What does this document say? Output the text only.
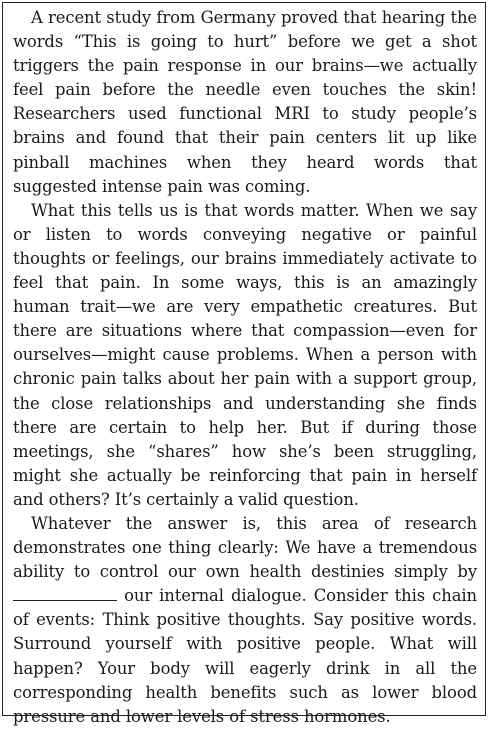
A recent study from Germany proved that hearing the words “This is going to hurt” before we get a shot triggers the pain response in our brains—we actually feel pain before the needle even touches the skin! Researchers used functional MRI to study people’s brains and found that their pain centers lit up like pinball machines when they heard words that suggested intense pain was coming.

What this tells us is that words matter. When we say or listen to words conveying negative or painful thoughts or feelings, our brains immediately activate to feel that pain. In some ways, this is an amazingly human trait—we are very empathetic creatures. But there are situations where that compassion—even for ourselves—might cause problems. When a person with chronic pain talks about her pain with a support group, the close relationships and understanding she finds there are certain to help her. But if during those meetings, she “shares” how she’s been struggling, might she actually be reinforcing that pain in herself and others? It’s certainly a valid question.

Whatever the answer is, this area of research demonstrates one thing clearly: We have a tremendous ability to control our own health destinies simply by  our internal dialogue. Consider this chain of events: Think positive thoughts. Say positive words. Surround yourself with positive people. What will happen? Your body will eagerly drink in all the corresponding health benefits such as lower blood pressure and lower levels of stress hormones.
